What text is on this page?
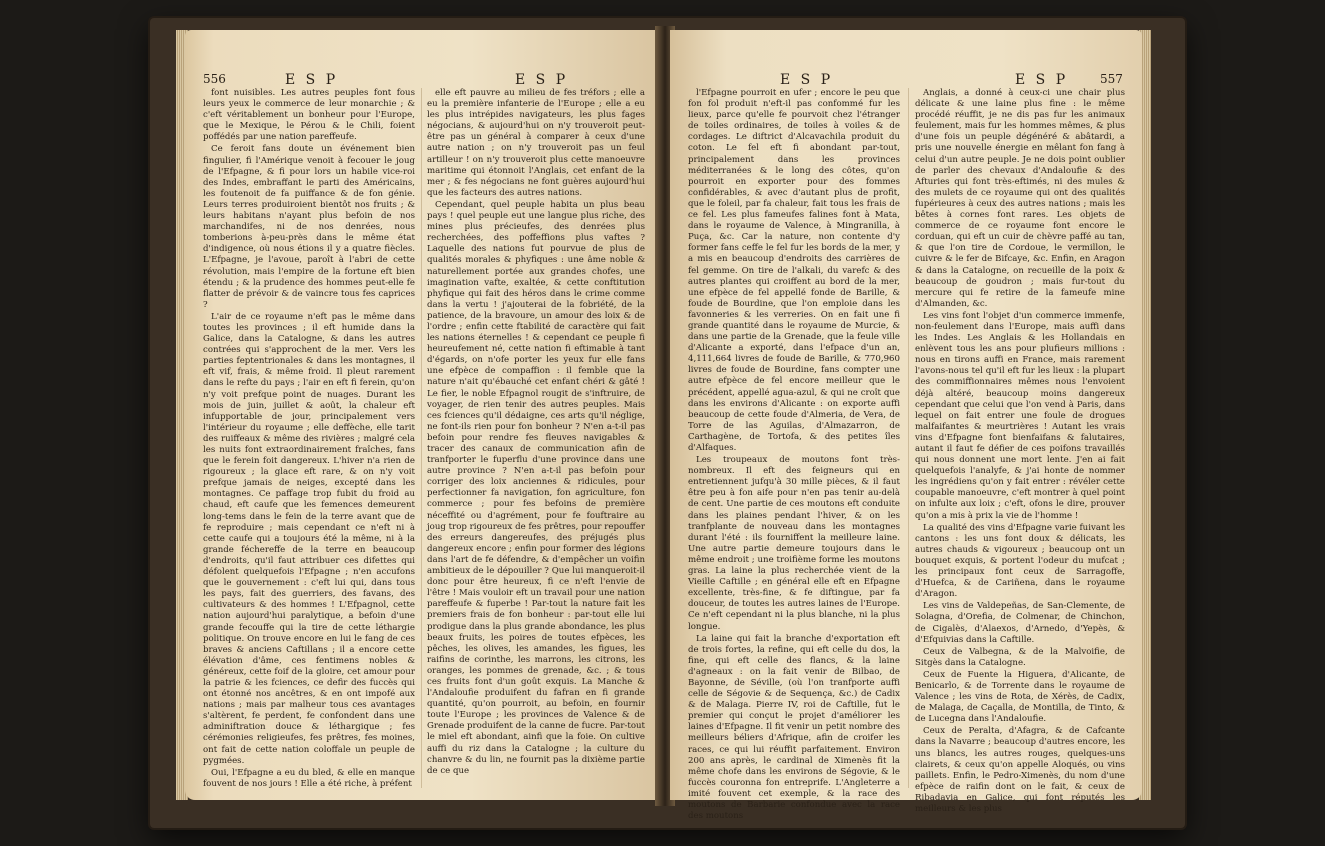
556	E S P	E S P

font nuisibles. Les autres peuples font fous leurs yeux le commerce de leur monarchie ; & c'eft véritablement un bonheur pour l'Europe, que le Mexique, le Pérou & le Chili, foient poffédés par une nation pareffeufe.

Ce feroit fans doute un événement bien fingulier, fi l'Amérique venoit à fecouer le joug de l'Efpagne, & fi pour lors un habile vice-roi des Indes, embraffant le parti des Américains, les foutenoit de fa puiffance & de fon génie. Leurs terres produiroient bientôt nos fruits ; & leurs habitans n'ayant plus befoin de nos marchandifes, ni de nos denrées, nous tomberions à-peu-près dans le même état d'indigence, où nous étions il y a quatre fiècles. L'Efpagne, je l'avoue, paroît à l'abri de cette révolution, mais l'empire de la fortune eft bien étendu ; & la prudence des hommes peut-elle fe flatter de prévoir & de vaincre tous fes caprices ?

L'air de ce royaume n'eft pas le même dans toutes les provinces ; il eft humide dans la Galice, dans la Catalogne, & dans les autres contrées qui s'approchent de la mer. Vers les parties feptentrionales & dans les montagnes, il eft vif, frais, & même froid. Il pleut rarement dans le refte du pays ; l'air en eft fi ferein, qu'on n'y voit prefque point de nuages. Durant les mois de juin, juillet & août, la chaleur eft infupportable de jour, principalement vers l'intérieur du royaume ; elle deffèche, elle tarit des ruiffeaux & même des rivières ; malgré cela les nuits font extraordinairement fraîches, fans que le ferein foit dangereux. L'hiver n'a rien de rigoureux ; la glace eft rare, & on n'y voit prefque jamais de neiges, excepté dans les montagnes. Ce paffage trop fubit du froid au chaud, eft caufe que les femences demeurent long-tems dans le fein de la terre avant que de fe reproduire ; mais cependant ce n'eft ni à cette caufe qui a toujours été la même, ni à la grande féchereffe de la terre en beaucoup d'endroits, qu'il faut attribuer ces difettes qui défolent quelquefois l'Efpagne ; n'en accufons que le gouvernement : c'eft lui qui, dans tous les pays, fait des guerriers, des favans, des cultivateurs & des hommes ! L'Efpagnol, cette nation aujourd'hui paralytique, a befoin d'une grande fecouffe qui la tire de cette léthargie politique. On trouve encore en lui le fang de ces braves & anciens Caftillans ; il a encore cette élévation d'âme, ces fentimens nobles & généreux, cette foif de la gloire, cet amour pour la patrie & les fciences, ce defir des fuccès qui ont étonné nos ancêtres, & en ont impofé aux nations ; mais par malheur tous ces avantages s'altèrent, fe perdent, fe confondent dans une adminiftration douce & léthargique ; fes cérémonies religieufes, fes prêtres, fes moines, ont fait de cette nation coloffale un peuple de pygmées.

Oui, l'Efpagne a eu du bled, & elle en manque fouvent de nos jours ! Elle a été riche, à préfent

elle eft pauvre au milieu de fes tréfors ; elle a eu la première infanterie de l'Europe ; elle a eu les plus intrépides navigateurs, les plus fages négocians, & aujourd'hui on n'y trouveroit peut-être pas un général à comparer à ceux d'une autre nation ; on n'y trouveroit pas un feul artilleur ! on n'y trouveroit plus cette manoeuvre maritime qui étonnoit l'Anglais, cet enfant de la mer ; & fes négocians ne font guères aujourd'hui que les facteurs des autres nations.

Cependant, quel peuple habita un plus beau pays ! quel peuple eut une langue plus riche, des mines plus précieufes, des denrées plus recherchées, des poffeffions plus vaftes ? Laquelle des nations fut pourvue de plus de qualités morales & phyfiques : une âme noble & naturellement portée aux grandes chofes, une imagination vafte, exaltée, & cette conftitution phyfique qui fait des héros dans le crime comme dans la vertu ! j'ajouterai de la fobriété, de la patience, de la bravoure, un amour des loix & de l'ordre ; enfin cette ftabilité de caractère qui fait les nations éternelles ! & cependant ce peuple fi heureufement né, cette nation fi eftimable à tant d'égards, on n'ofe porter les yeux fur elle fans une efpèce de compaffion : il femble que la nature n'ait qu'ébauché cet enfant chéri & gâté ! Le fier, le noble Efpagnol rougit de s'inftruire, de voyager, de rien tenir des autres peuples. Mais ces fciences qu'il dédaigne, ces arts qu'il néglige, ne font-ils rien pour fon bonheur ? N'en a-t-il pas befoin pour rendre fes fleuves navigables & tracer des canaux de communication afin de tranfporter le fuperflu d'une province dans une autre province ? N'en a-t-il pas befoin pour corriger des loix anciennes & ridicules, pour perfectionner fa navigation, fon agriculture, fon commerce ; pour fes befoins de première néceffité ou d'agrément, pour fe fouftraire au joug trop rigoureux de fes prêtres, pour repouffer des erreurs dangereufes, des préjugés plus dangereux encore ; enfin pour former des légions dans l'art de fe défendre, & d'empêcher un voifin ambitieux de le dépouiller ? Que lui manqueroit-il donc pour être heureux, fi ce n'eft l'envie de l'être ! Mais vouloir eft un travail pour une nation pareffeufe & fuperbe ! Par-tout la nature fait les premiers frais de fon bonheur : par-tout elle lui prodigue dans la plus grande abondance, les plus beaux fruits, les poires de toutes efpèces, les pêches, les olives, les amandes, les figues, les raifins de corinthe, les marrons, les citrons, les oranges, les pommes de grenade, &c. ; & tous ces fruits font d'un goût exquis. La Manche & l'Andaloufie produifent du fafran en fi grande quantité, qu'on pourroit, au befoin, en fournir toute l'Europe ; les provinces de Valence & de Grenade produifent de la canne de fucre. Par-tout le miel eft abondant, ainfi que la foie. On cultive auffi du riz dans la Catalogne ; la culture du chanvre & du lin, ne fournit pas la dixième partie de ce que

E S P	E S P	557

l'Efpagne pourroit en ufer ; encore le peu que fon fol produit n'eft-il pas confommé fur les lieux, parce qu'elle fe pourvoit chez l'étranger de toiles ordinaires, de toiles à voiles & de cordages. Le diftrict d'Alcavachila produit du coton. Le fel eft fi abondant par-tout, principalement dans les provinces méditerranées & le long des côtes, qu'on pourroit en exporter pour des fommes confidérables, & avec d'autant plus de profit, que le foleil, par fa chaleur, fait tous les frais de ce fel. Les plus fameufes falines font à Mata, dans le royaume de Valence, à Mingranilla, à Puça, &c. Car la nature, non contente d'y former fans ceffe le fel fur les bords de la mer, y a mis en beaucoup d'endroits des carrières de fel gemme. On tire de l'alkali, du varefc & des autres plantes qui croiffent au bord de la mer, une efpèce de fel appellé fonde de Barille, & foude de Bourdine, que l'on emploie dans les favonneries & les verreries. On en fait une fi grande quantité dans le royaume de Murcie, & dans une partie de la Grenade, que la feule ville d'Alicante a exporté, dans l'efpace d'un an, 4,111,664 livres de foude de Barille, & 770,960 livres de foude de Bourdine, fans compter une autre efpèce de fel encore meilleur que le précédent, appellé agua-azul, & qui ne croît que dans les environs d'Alicante : on exporte auffi beaucoup de cette foude d'Almeria, de Vera, de Torre de las Aguilas, d'Almazarron, de Carthagène, de Tortofa, & des petites îles d'Alfaques.

Les troupeaux de moutons font très-nombreux. Il eft des feigneurs qui en entretiennent jufqu'à 30 mille pièces, & il faut être peu à fon aife pour n'en pas tenir au-delà de cent. Une partie de ces moutons eft conduite dans les plaines pendant l'hiver, & on les tranfplante de nouveau dans les montagnes durant l'été : ils fourniffent la meilleure laine. Une autre partie demeure toujours dans le même endroit ; une troifième forme les moutons gras. La laine la plus recherchée vient de la Vieille Caftille ; en général elle eft en Efpagne excellente, très-fine, & fe diftingue, par fa douceur, de toutes les autres laines de l'Europe. Ce n'eft cependant ni la plus blanche, ni la plus longue.

La laine qui fait la branche d'exportation eft de trois fortes, la refine, qui eft celle du dos, la fine, qui eft celle des flancs, & la laine d'agneaux : on la fait venir de Bilbao, de Bayonne, de Séville, (où l'on tranfporte auffi celle de Ségovie & de Sequença, &c.) de Cadix & de Malaga. Pierre IV, roi de Caftille, fut le premier qui conçut le projet d'améliorer les laines d'Efpagne. Il fit venir un petit nombre des meilleurs béliers d'Afrique, afin de croifer les races, ce qui lui réuffit parfaitement. Environ 200 ans après, le cardinal de Ximenès fit la même chofe dans les environs de Ségovie, & le fuccès couronna fon entreprife. L'Angleterre a imité fouvent cet exemple, & la race des moutons de Barbarie confondue avec la race des moutons

Anglais, a donné à ceux-ci une chair plus délicate & une laine plus fine : le même procédé réuffit, je ne dis pas fur les animaux feulement, mais fur les hommes mêmes, & plus d'une fois un peuple dégénéré & abâtardi, a pris une nouvelle énergie en mêlant fon fang à celui d'un autre peuple. Je ne dois point oublier de parler des chevaux d'Andaloufie & des Afturies qui font très-eftimés, ni des mules & des mulets de ce royaume qui ont des qualités fupérieures à ceux des autres nations ; mais les bêtes à cornes font rares. Les objets de commerce de ce royaume font encore le corduan, qui eft un cuir de chèvre paffé au tan, & que l'on tire de Cordoue, le vermillon, le cuivre & le fer de Bifcaye, &c. Enfin, en Aragon & dans la Catalogne, on recueille de la poix & beaucoup de goudron ; mais fur-tout du mercure qui fe retire de la fameufe mine d'Almanden, &c.

Les vins font l'objet d'un commerce immenfe, non-feulement dans l'Europe, mais auffi dans les Indes. Les Anglais & les Hollandais en enlèvent tous les ans pour plufieurs millions : nous en tirons auffi en France, mais rarement l'avons-nous tel qu'il eft fur les lieux : la plupart des commiffionnaires mêmes nous l'envoient déjà altéré, beaucoup moins dangereux cependant que celui que l'on vend à Paris, dans lequel on fait entrer une foule de drogues malfaifantes & meurtrières ! Autant les vrais vins d'Efpagne font bienfaifans & falutaires, autant il faut fe défier de ces poifons travaillés qui nous donnent une mort lente. J'en ai fait quelquefois l'analyfe, & j'ai honte de nommer les ingrédiens qu'on y fait entrer : révéler cette coupable manoeuvre, c'eft montrer à quel point on infulte aux loix ; c'eft, ofons le dire, prouver qu'on a mis à prix la vie de l'homme !

La qualité des vins d'Efpagne varie fuivant les cantons : les uns font doux & délicats, les autres chauds & vigoureux ; beaucoup ont un bouquet exquis, & portent l'odeur du mufcat ; les principaux font ceux de Sarragoffe, d'Huefca, & de Cariñena, dans le royaume d'Aragon.

Les vins de Valdepeñas, de San-Clemente, de Solagna, d'Orefia, de Colmenar, de Chinchon, de Cigalès, d'Alaexos, d'Arnedo, d'Yepès, & d'Efquivias dans la Caftille.

Ceux de Valbegna, & de la Malvoifie, de Sitgès dans la Catalogne.

Ceux de Fuente la Higuera, d'Alicante, de Benicarlo, & de Torrente dans le royaume de Valence ; les vins de Rota, de Xérès, de Cadix, de Malaga, de Caçalla, de Montilla, de Tinto, & de Lucegna dans l'Andaloufie.

Ceux de Peralta, d'Afagra, & de Cafcante dans la Navarre ; beaucoup d'autres encore, les uns blancs, les autres rouges, quelques-uns clairets, & ceux qu'on appelle Aloqués, ou vins paillets. Enfin, le Pedro-Ximenès, du nom d'une efpèce de raifin dont on le fait, & ceux de Ribadavia en Galice, qui font réputés les meilleurs & les plus
